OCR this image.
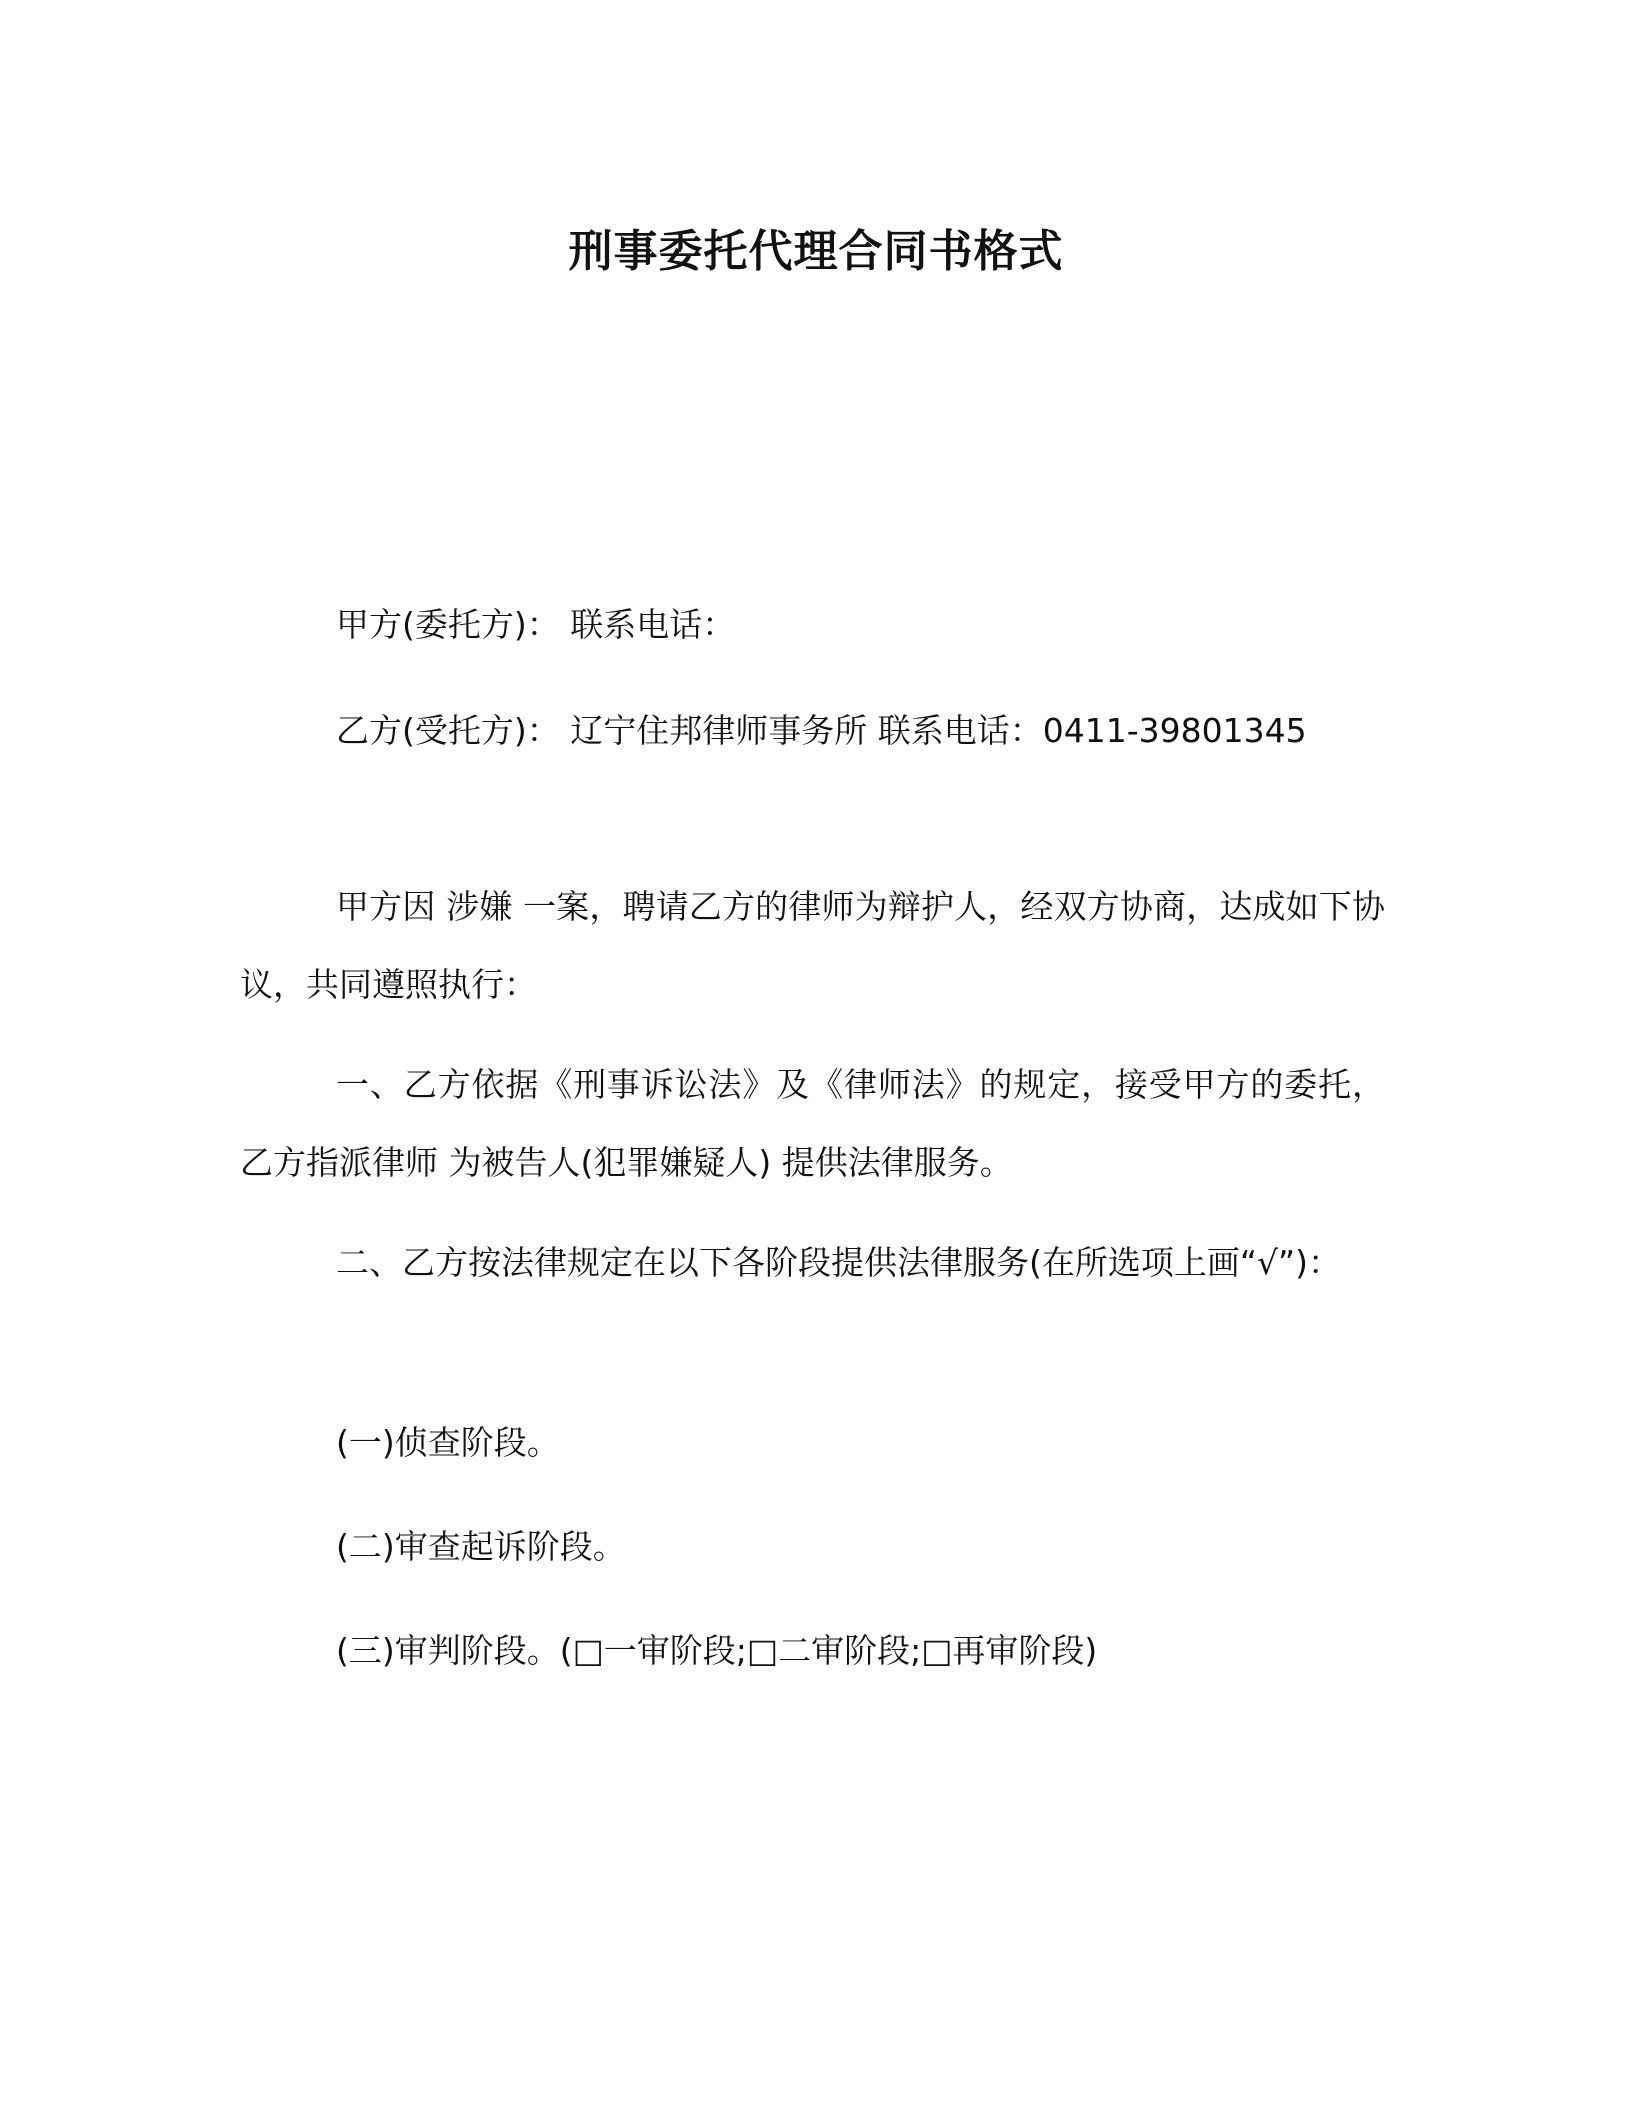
刑事委托代理合同书格式
甲方(委托方)： 联系电话：
乙方(受托方)： 辽宁住邦律师事务所 联系电话：0411-39801345
甲方因 涉嫌 一案，聘请乙方的律师为辩护人，经双方协商，达成如下协议，共同遵照执行：
一、乙方依据《刑事诉讼法》及《律师法》的规定，接受甲方的委托，乙方指派律师 为被告人(犯罪嫌疑人) 提供法律服务。
二、乙方按法律规定在以下各阶段提供法律服务(在所选项上画“√”)：
(一)侦查阶段。
(二)审查起诉阶段。
(三)审判阶段。(□一审阶段;□二审阶段;□再审阶段)
